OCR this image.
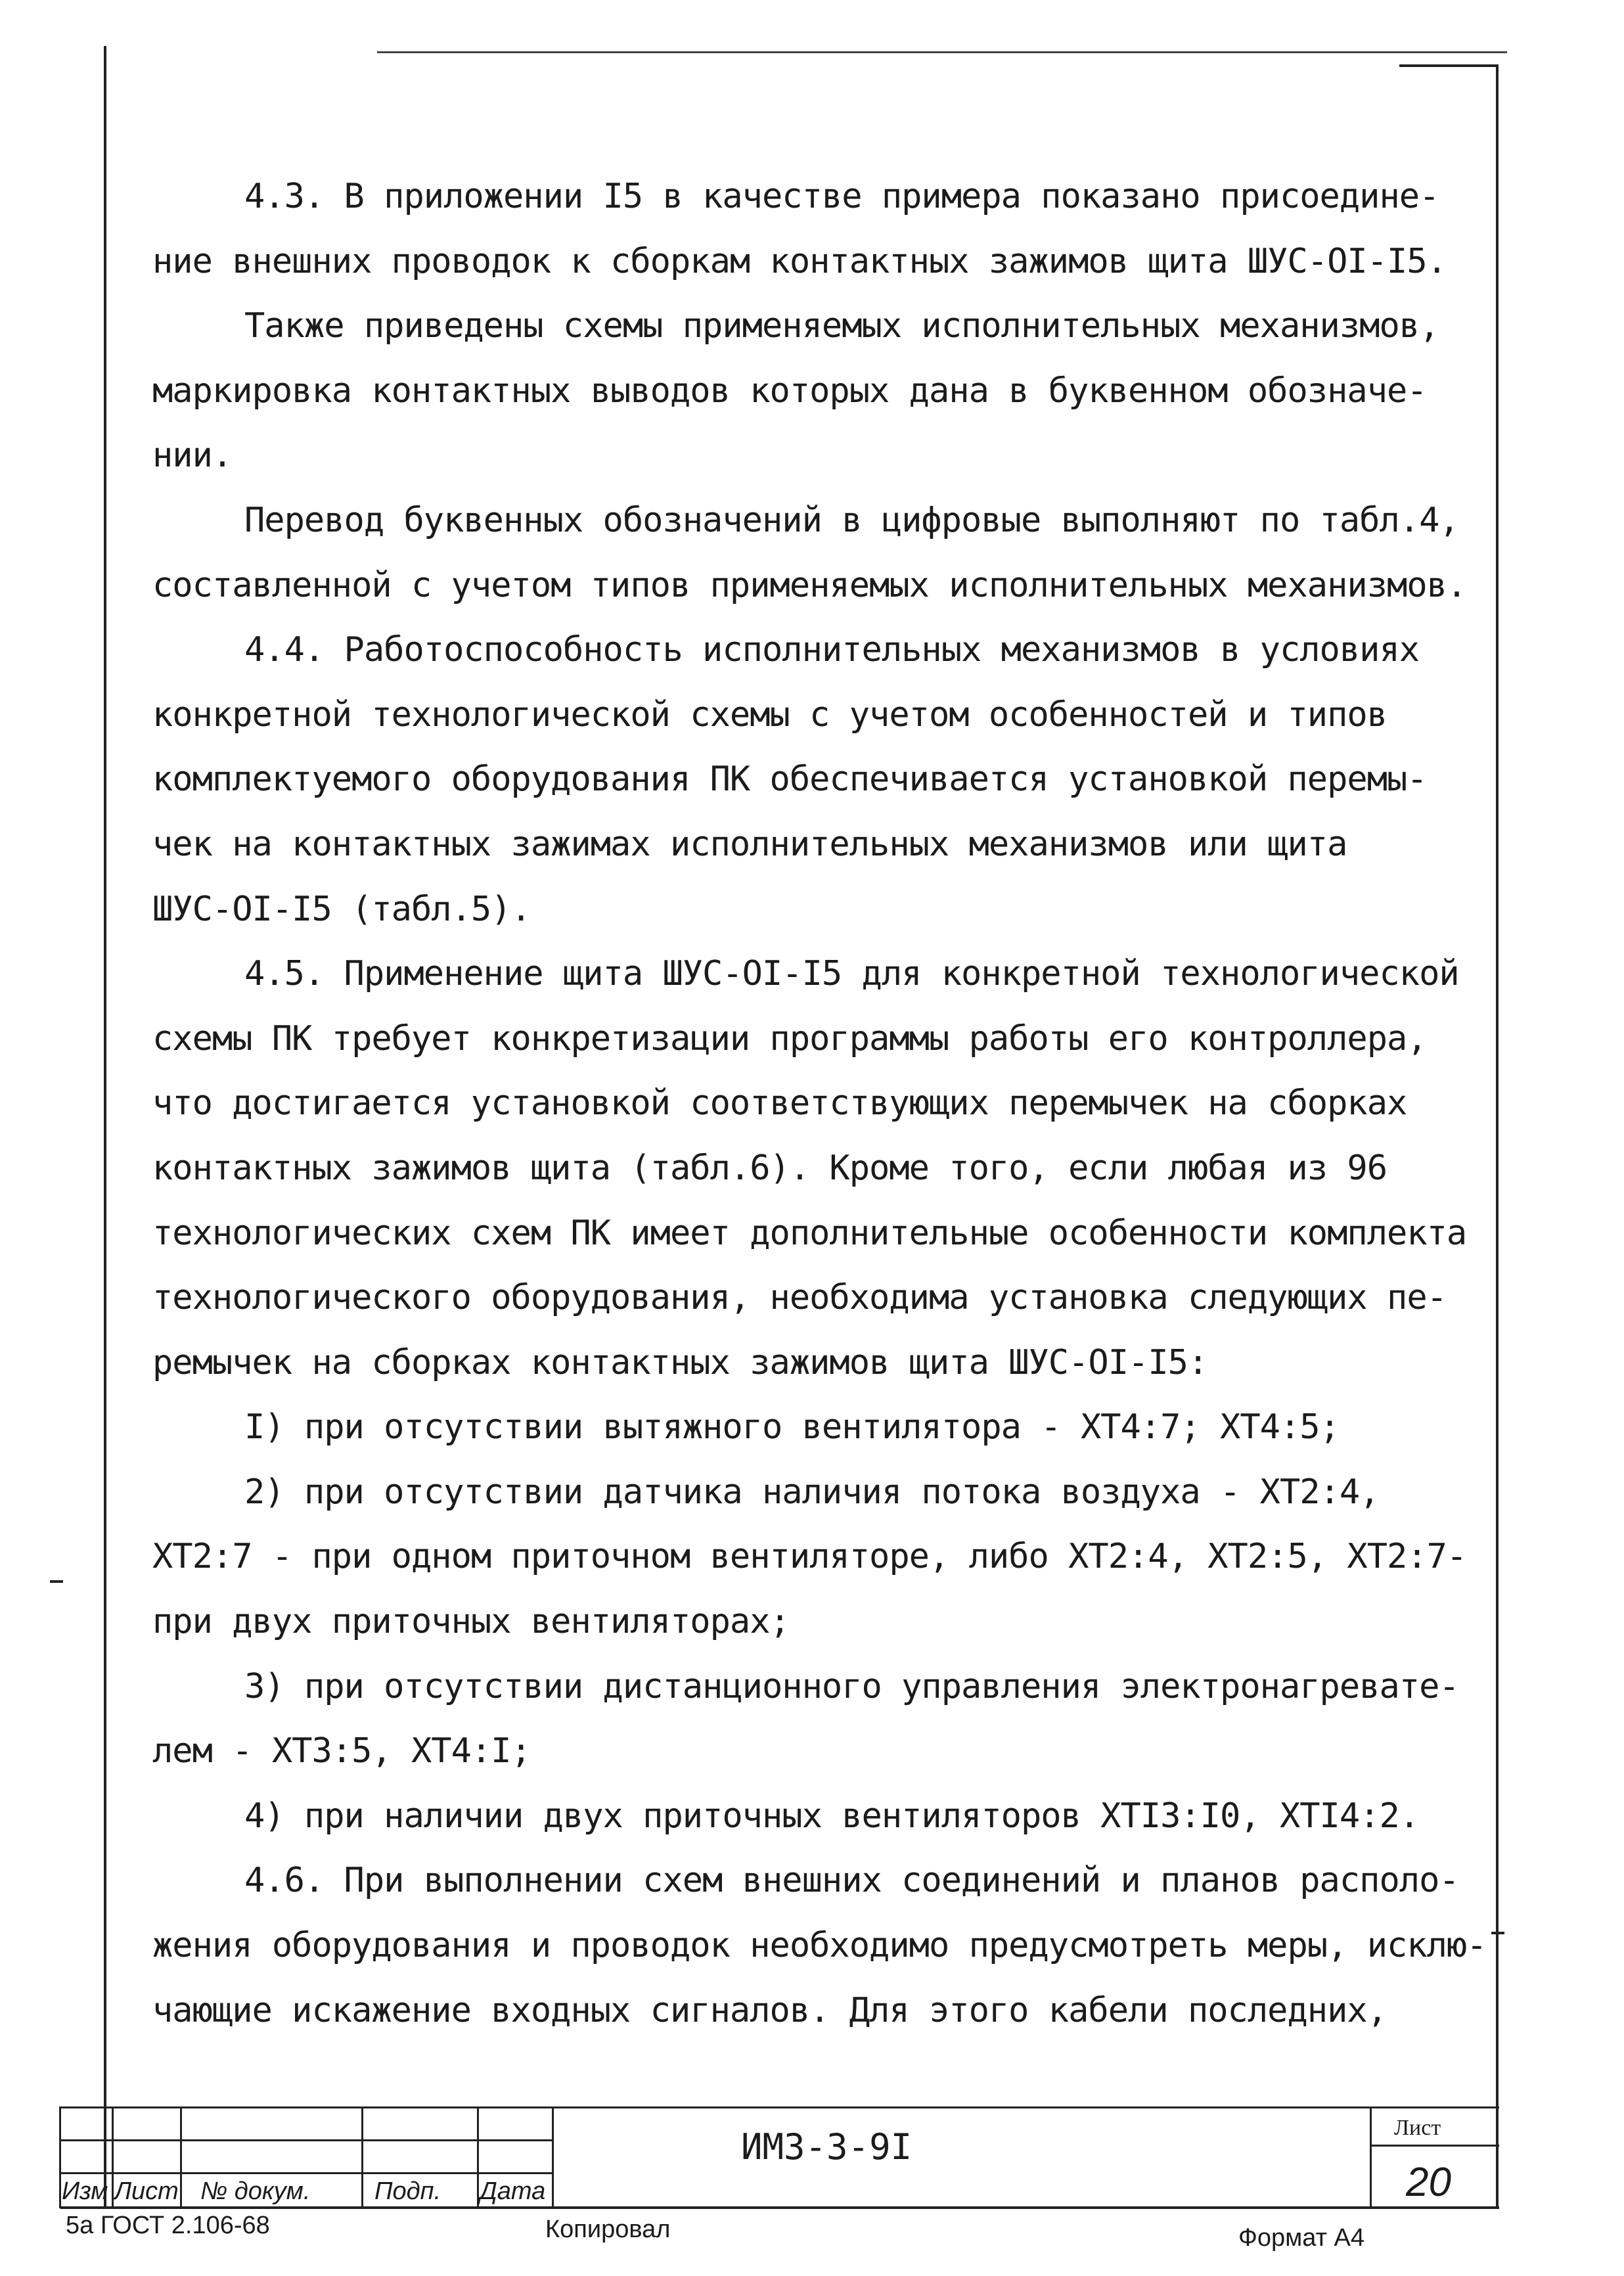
4.3. В приложении I5 в качестве примера показано присоедине-
ние внешних проводок к сборкам контактных зажимов щита ШУС-ОI-I5.
Также приведены схемы применяемых исполнительных механизмов,
маркировка контактных выводов которых дана в буквенном обозначе-
нии.
Перевод буквенных обозначений в цифровые выполняют по табл.4,
составленной с учетом типов применяемых исполнительных механизмов.
4.4. Работоспособность исполнительных механизмов в условиях
конкретной технологической схемы с учетом особенностей и типов
комплектуемого оборудования ПК обеспечивается установкой перемы-
чек на контактных зажимах исполнительных механизмов или щита
ШУС-ОI-I5 (табл.5).
4.5. Применение щита ШУС-ОI-I5 для конкретной технологической
схемы ПК требует конкретизации программы работы его контроллера,
что достигается установкой соответствующих перемычек на сборках
контактных зажимов щита (табл.6). Кроме того, если любая из 96
технологических схем ПК имеет дополнительные особенности комплекта
технологического оборудования, необходима установка следующих пе-
ремычек на сборках контактных зажимов щита ШУС-ОI-I5:
I) при отсутствии вытяжного вентилятора - ХТ4:7; ХТ4:5;
2) при отсутствии датчика наличия потока воздуха - ХТ2:4,
ХТ2:7 - при одном приточном вентиляторе, либо ХТ2:4, ХТ2:5, ХТ2:7-
при двух приточных вентиляторах;
3) при отсутствии дистанционного управления электронагревате-
лем - ХТ3:5, ХТ4:I;
4) при наличии двух приточных вентиляторов ХТI3:I0, ХТI4:2.
4.6. При выполнении схем внешних соединений и планов располо-
жения оборудования и проводок необходимо предусмотреть меры, исклю-
чающие искажение входных сигналов. Для этого кабели последних,
Изм Лист № докум.	Подп. Дата
ИМЗ-3-9I	Лист
20
5а ГОСТ 2.106-68	Копировал	Формат А4
